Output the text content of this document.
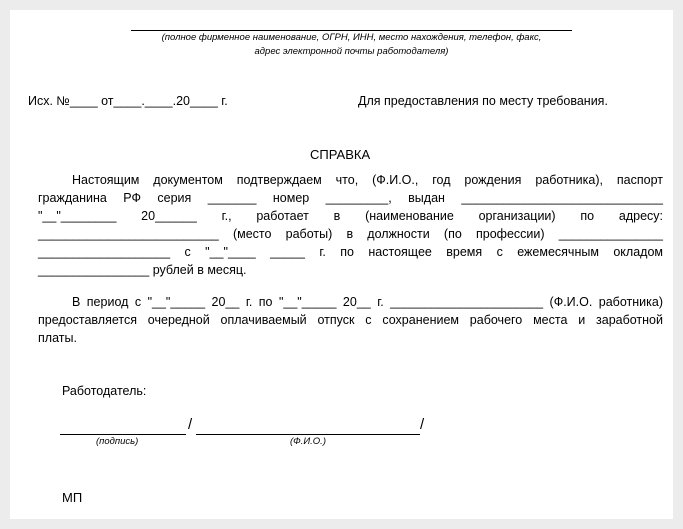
(полное фирменное наименование, ОГРН, ИНН, место нахождения, телефон, факс,
адрес электронной почты работодателя)
Исх. №____ от____.____.20____ г.	Для предоставления по месту требования.
СПРАВКА
Настоящим документом подтверждаем что, (Ф.И.О., год рождения работника), паспорт
гражданина РФ серия _______ номер _________, выдан _____________________________
"__"________ 20______ г., работает в (наименование организации) по адресу:
__________________________ (место работы) в должности (по профессии) _______________
___________________ с "__"____ _____ г. по настоящее время с ежемесячным окладом
________________ рублей в месяц.
В период с "__"_____ 20__ г. по "__"_____ 20__ г. ______________________ (Ф.И.О. работника)
предоставляется очередной оплачиваемый отпуск с сохранением рабочего места и заработной
платы.
Работодатель:
/	/
(подпись)	(Ф.И.О.)
МП
